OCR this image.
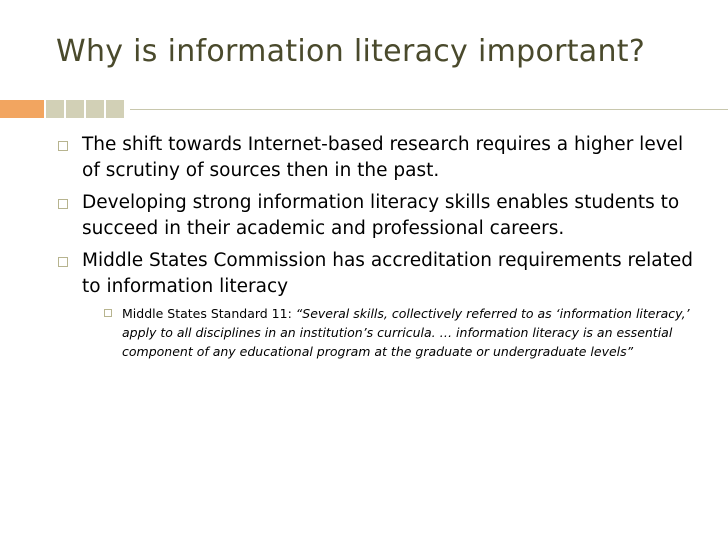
Why is information literacy important?
The shift towards Internet-based research requires a higher level of scrutiny of sources then in the past.
Developing strong information literacy skills enables students to succeed in their academic and professional careers.
Middle States Commission has accreditation requirements related to information literacy
Middle States Standard 11: “Several skills, collectively referred to as ‘information literacy,’ apply to all disciplines in an institution’s curricula. … information literacy is an essential component of any educational program at the graduate or undergraduate levels”
